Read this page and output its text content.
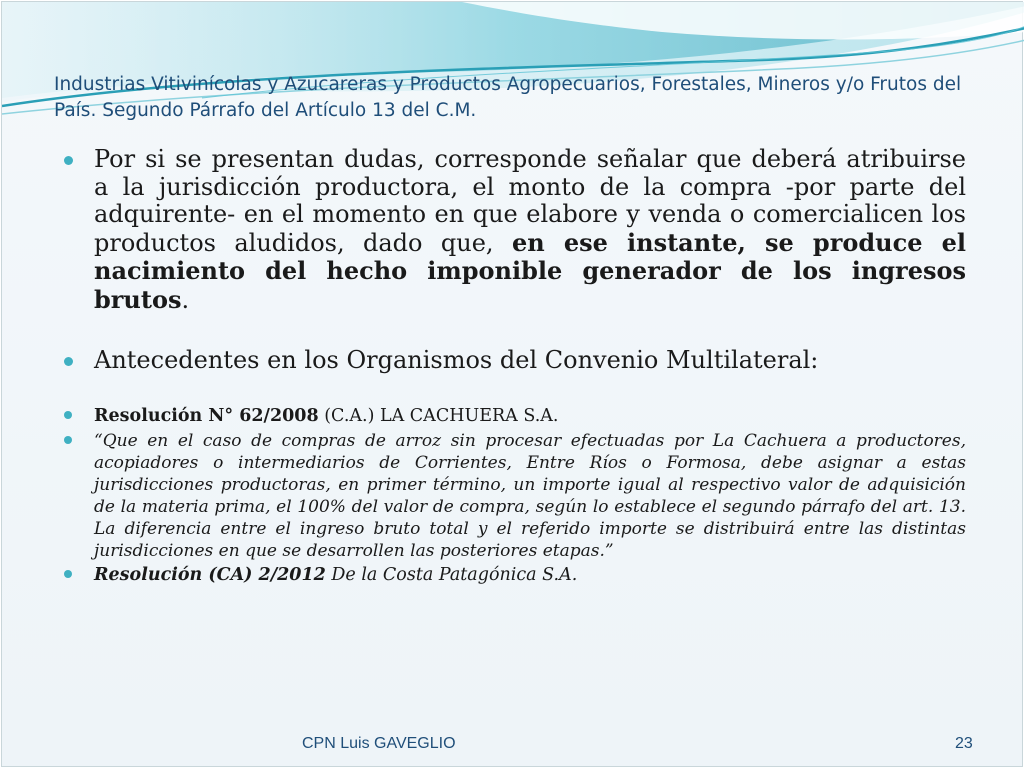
Industrias Vitivinícolas y Azucareras y Productos Agropecuarios, Forestales, Mineros y/o Frutos del País. Segundo Párrafo del Artículo 13 del C.M.
Por si se presentan dudas, corresponde señalar que deberá atribuirse a la jurisdicción productora, el monto de la compra -por parte del adquirente- en el momento en que elabore y venda o comercialicen los productos aludidos, dado que, en ese instante, se produce el nacimiento del hecho imponible generador de los ingresos brutos.
Antecedentes en los Organismos del Convenio Multilateral:
Resolución N° 62/2008 (C.A.) LA CACHUERA S.A.
“Que en el caso de compras de arroz sin procesar efectuadas por La Cachuera a productores, acopiadores o intermediarios de Corrientes, Entre Ríos o Formosa, debe asignar a estas jurisdicciones productoras, en primer término, un importe igual al respectivo valor de adquisición de la materia prima, el 100% del valor de compra, según lo establece el segundo párrafo del art. 13. La diferencia entre el ingreso bruto total y el referido importe se distribuirá entre las distintas jurisdicciones en que se desarrollen las posteriores etapas.”
Resolución (CA) 2/2012 De la Costa Patagónica S.A.
CPN Luis GAVEGLIO	23
